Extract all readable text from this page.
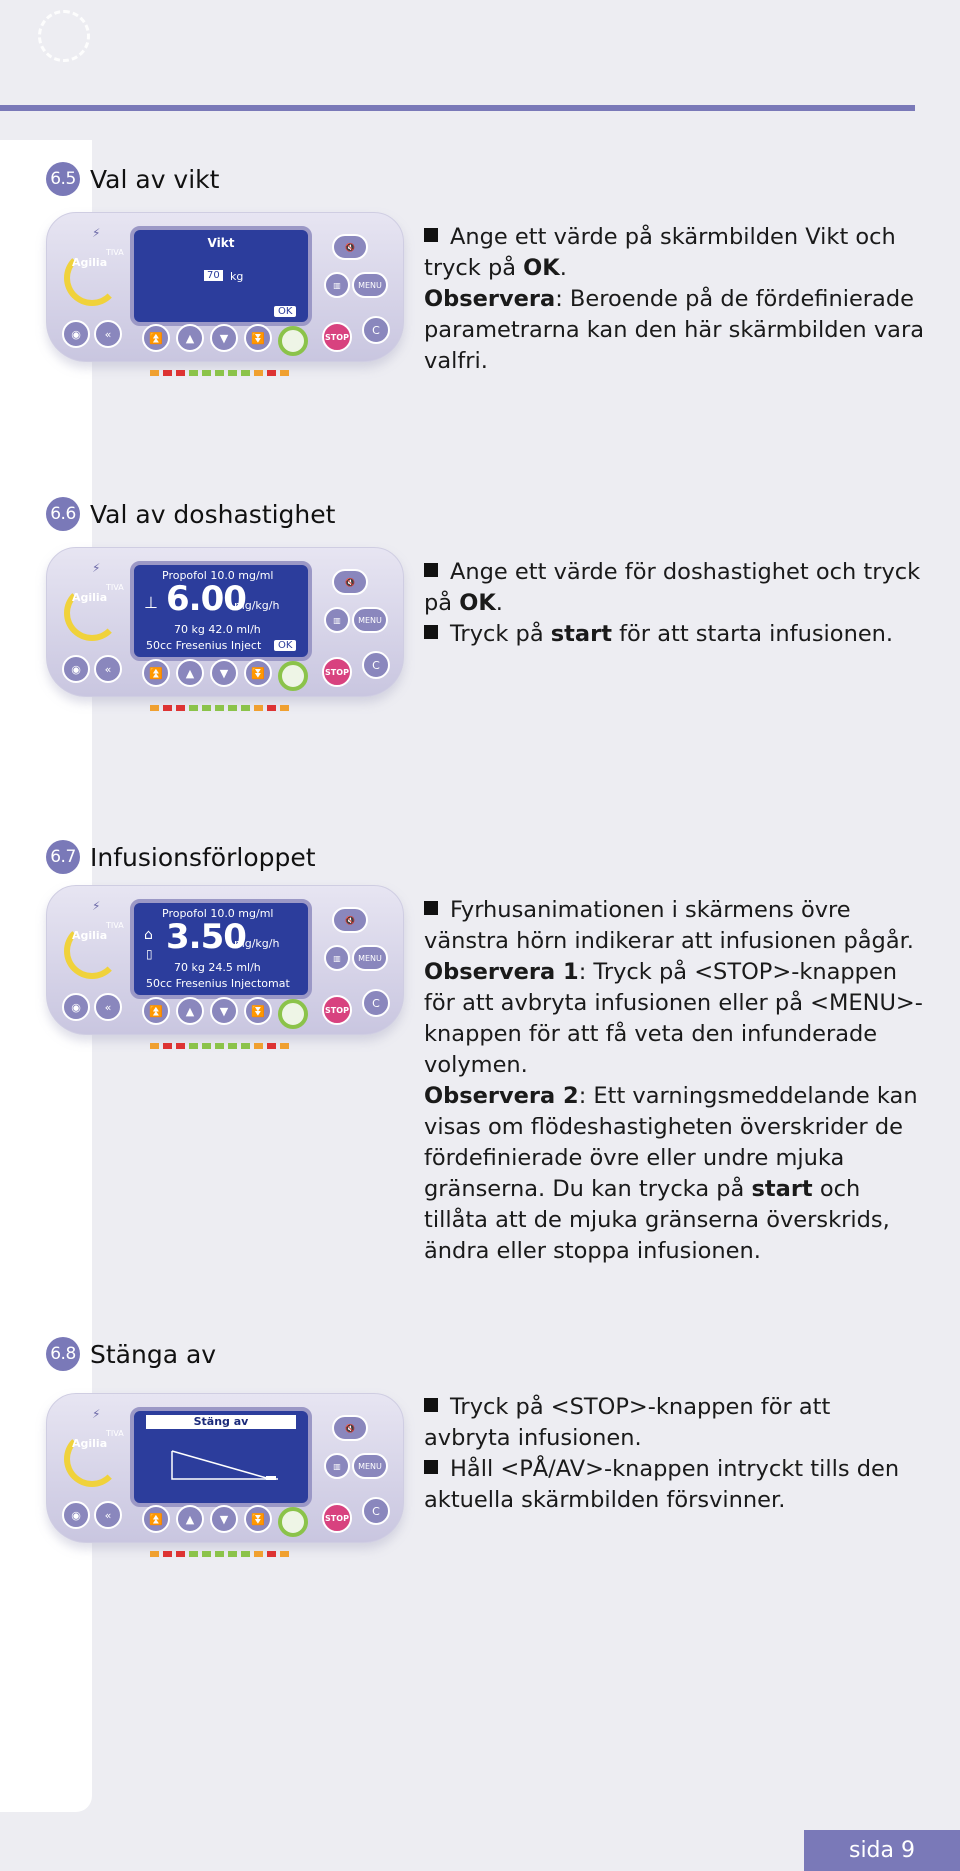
6.5 Val av vikt
⚡
Agilia
TIVA
Vikt
70 kg
OK
🔇
▥	MENU
◉	«	⏫	▲	▼	⏬	STOP
C
Ange ett värde på skärmbilden Vikt och tryck på OK.
Observera: Beroende på de fördefinierade parametrarna kan den här skärmbilden vara valfri.
6.6 Val av doshastighet
⚡
Agilia
TIVA
Propofol 10.0 mg/ml
⊥ 6.00
mg/kg/h
70 kg 42.0 ml/h
50cc Fresenius Inject	OK
🔇
▥	MENU
◉	«	⏫	▲	▼	⏬	STOP
C
Ange ett värde för doshastighet och tryck på OK.
Tryck på start för att starta infusionen.
6.7 Infusionsförloppet
⚡
Agilia
TIVA
Propofol 10.0 mg/ml
⌂
▯ 3.50
mg/kg/h
70 kg 24.5 ml/h
50cc Fresenius Injectomat
🔇
▥	MENU
◉	«	⏫	▲	▼	⏬	STOP
C
Fyrhusanimationen i skärmens övre vänstra hörn indikerar att infusionen pågår.
Observera 1: Tryck på <STOP>-knappen för att avbryta infusionen eller på <MENU>-knappen för att få veta den infunderade volymen.
Observera 2: Ett varningsmeddelande kan visas om flödeshastigheten överskrider de fördefinierade övre eller undre mjuka gränserna. Du kan trycka på start och tillåta att de mjuka gränserna överskrids, ändra eller stoppa infusionen.
6.8 Stänga av
⚡
Agilia
TIVA
Stäng av	🔇
▥	MENU
◉	«	⏫	▲	▼	⏬	STOP
C
Tryck på <STOP>-knappen för att avbryta infusionen.
Håll <PÅ/AV>-knappen intryckt tills den aktuella skärmbilden försvinner.
sida 9
